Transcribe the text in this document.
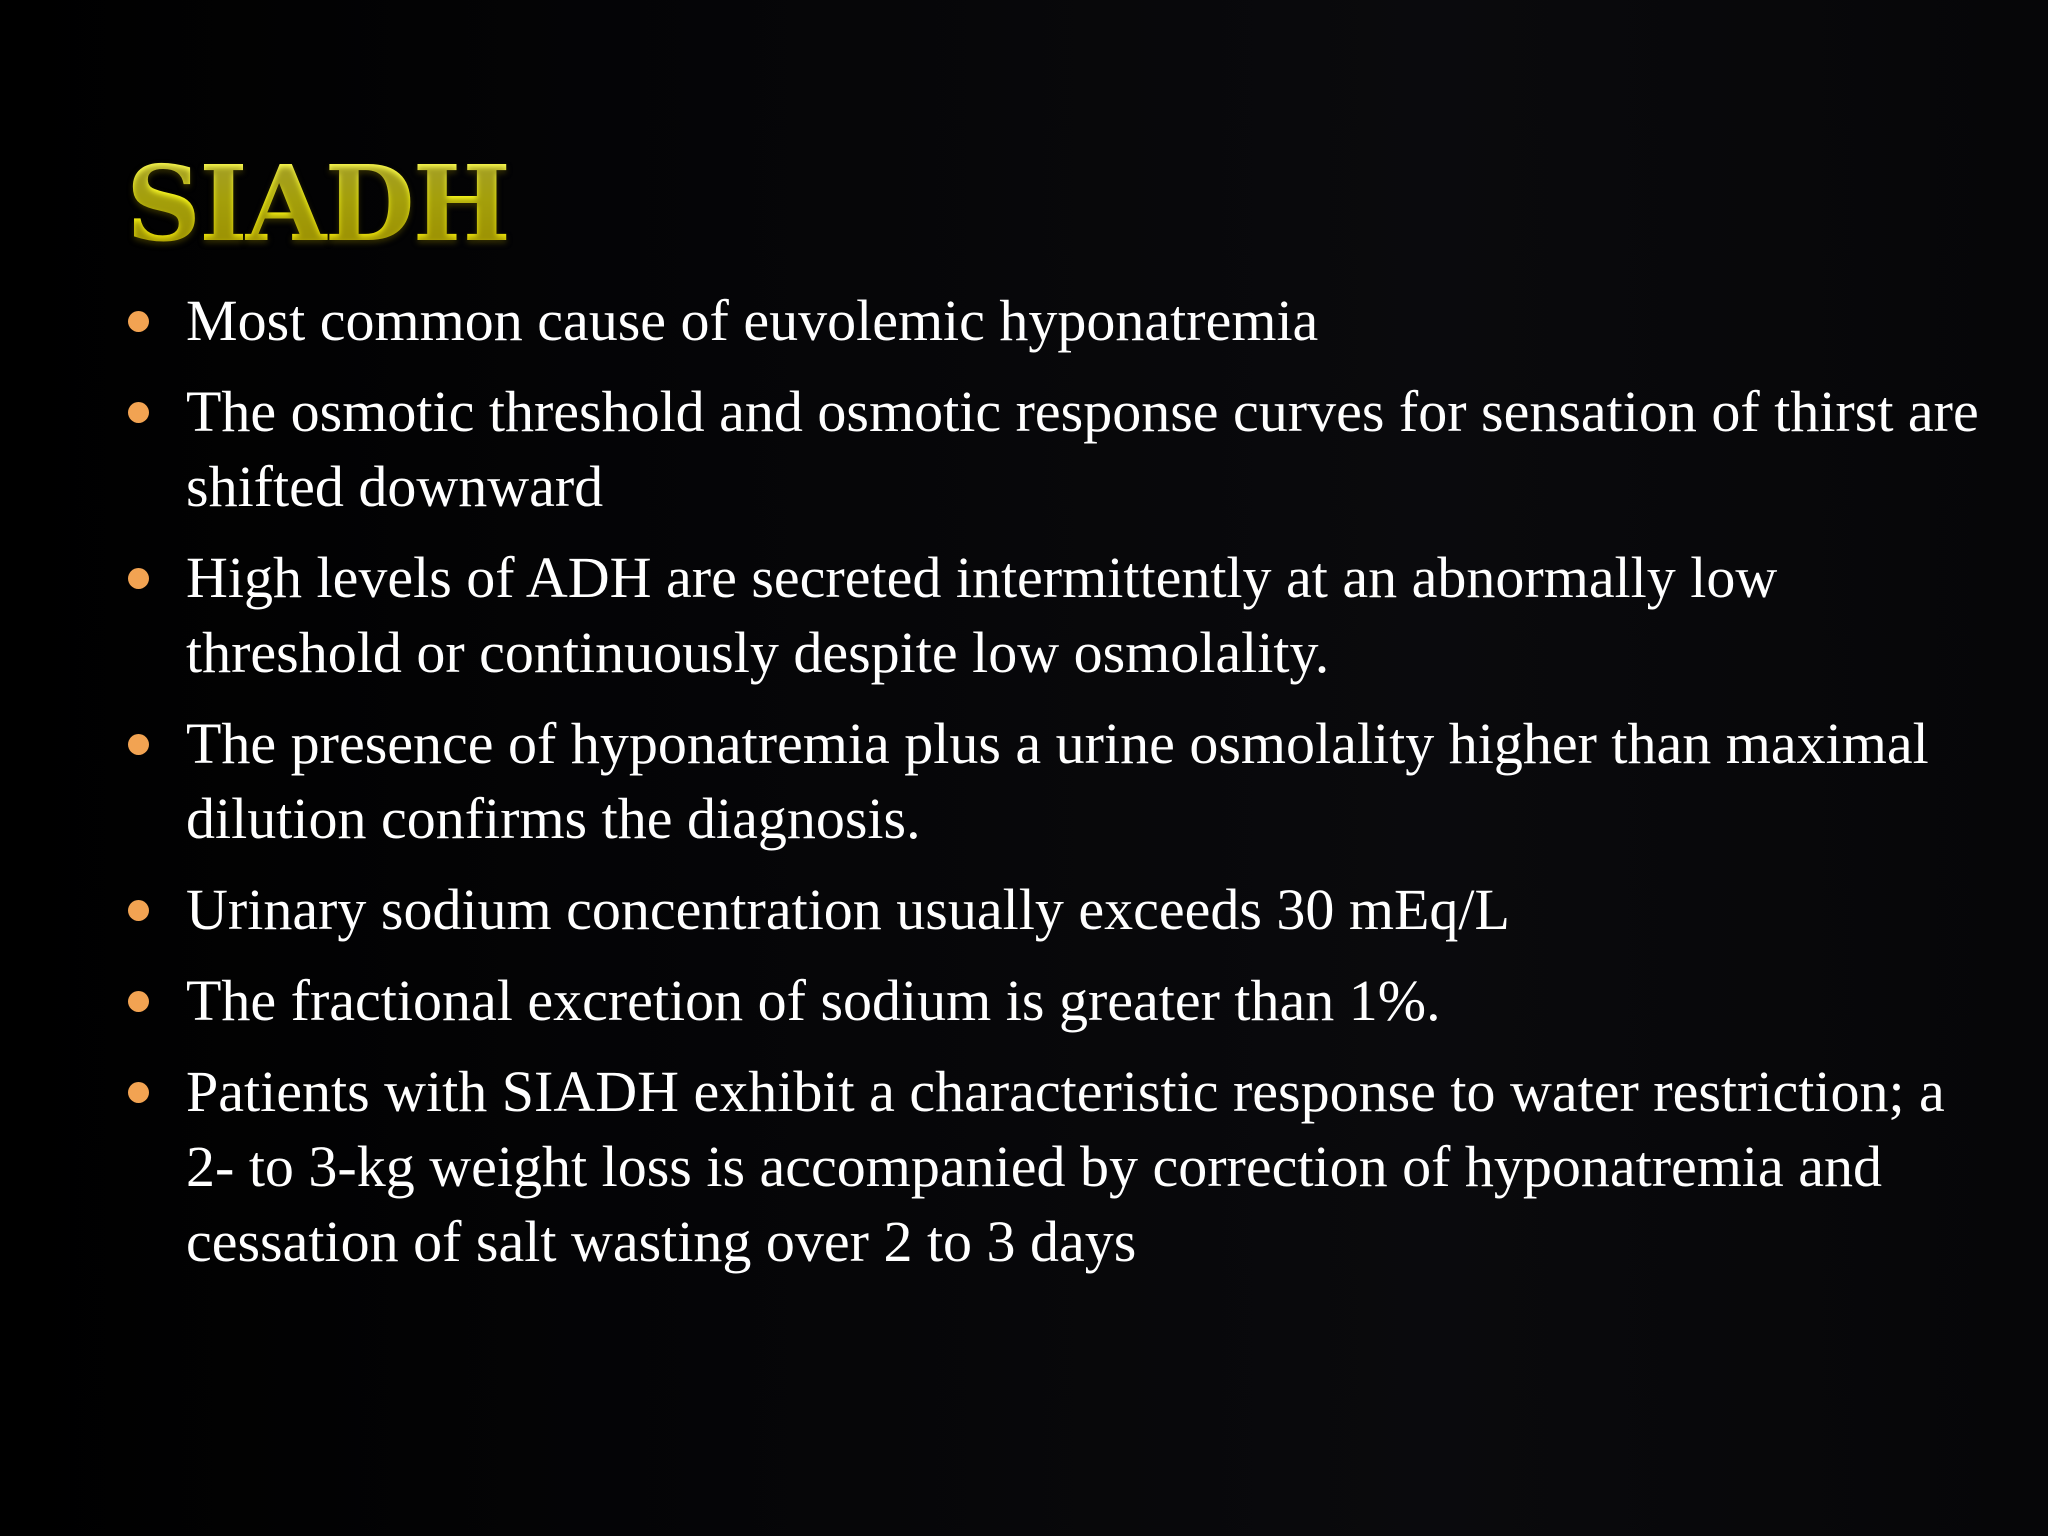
SIADH
Most common cause of euvolemic hyponatremia
The osmotic threshold and osmotic response curves for sensation of thirst are shifted downward
High levels of ADH are secreted intermittently at an abnormally low threshold or continuously despite low osmolality.
The presence of hyponatremia plus a urine osmolality higher than maximal dilution confirms the diagnosis.
Urinary sodium concentration usually exceeds 30 mEq/L
The fractional excretion of sodium is greater than 1%.
Patients with SIADH exhibit a characteristic response to water restriction; a 2- to 3-kg weight loss is accompanied by correction of hyponatremia and cessation of salt wasting over 2 to 3 days
